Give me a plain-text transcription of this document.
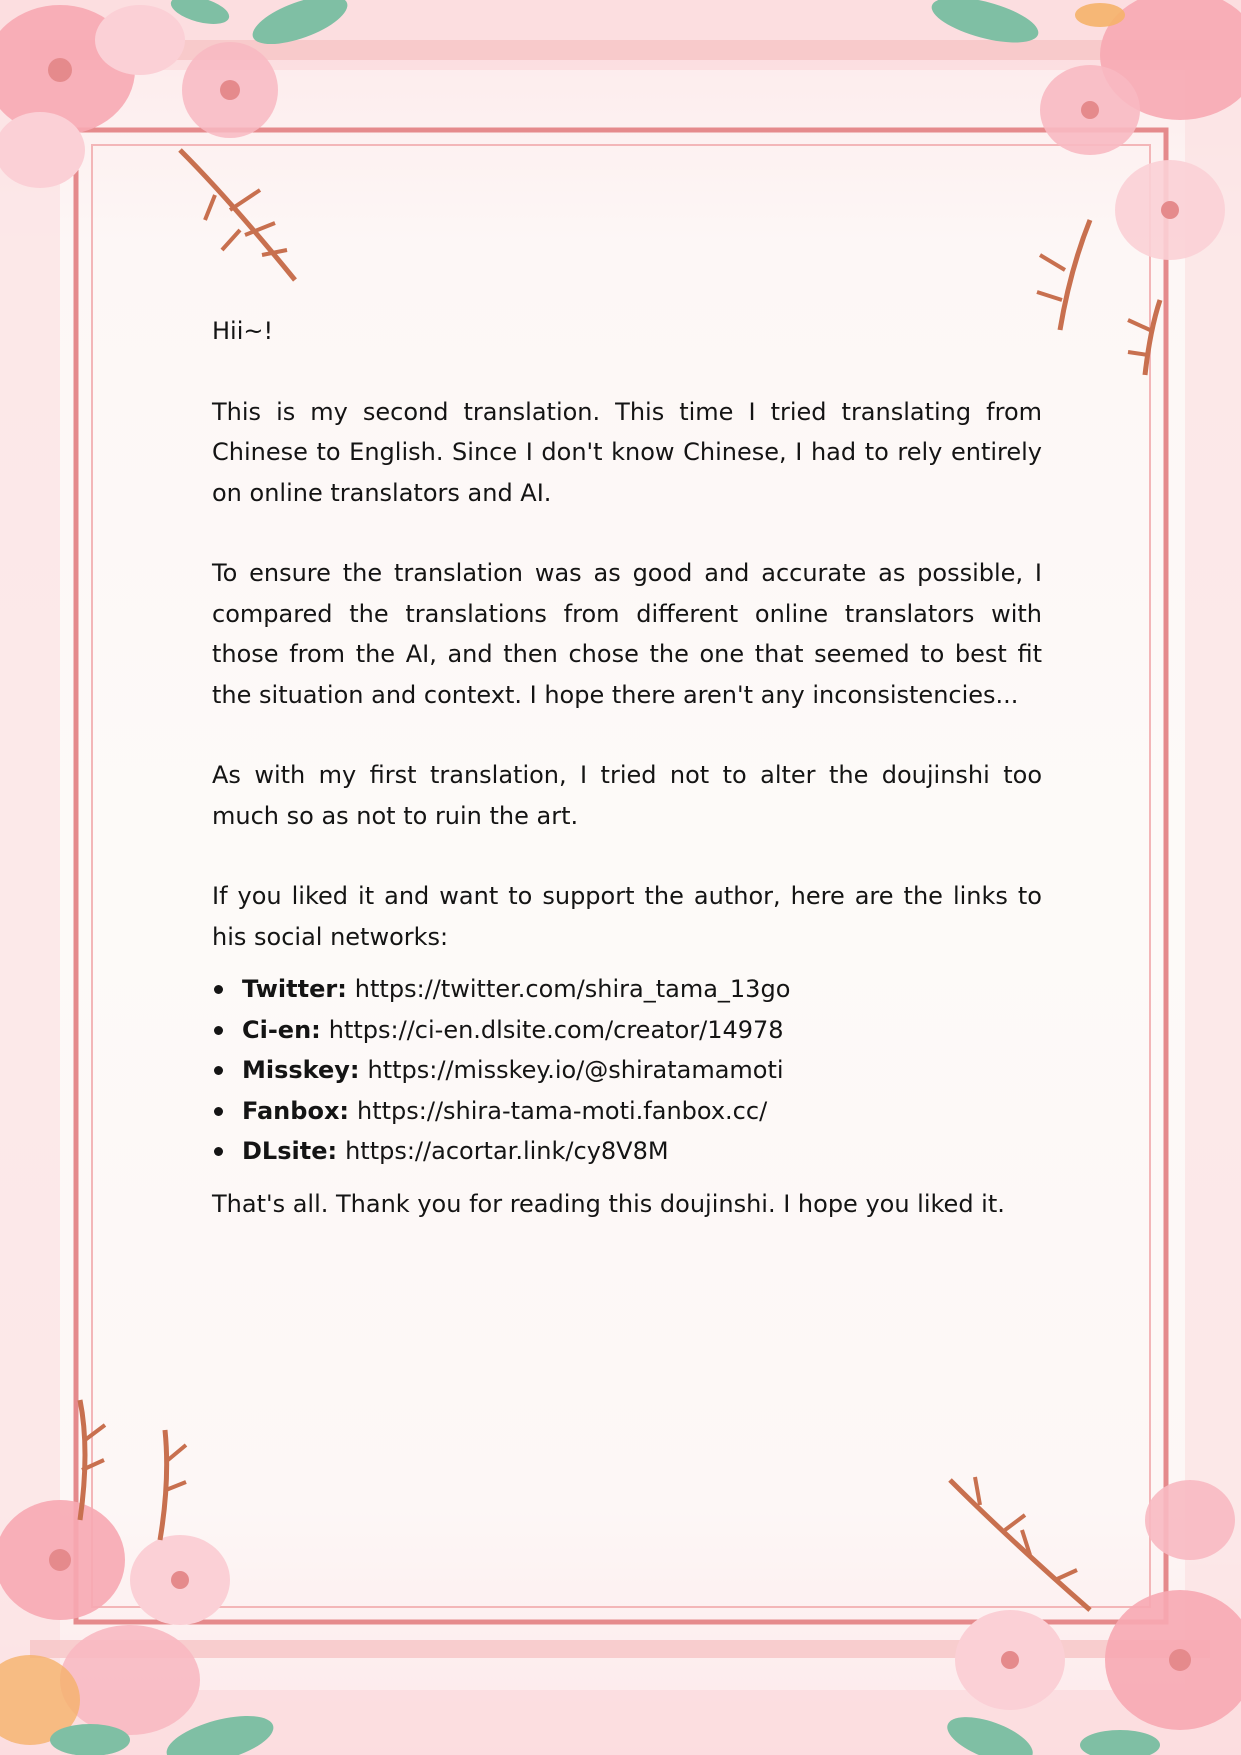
Hii~!

This is my second translation. This time I tried translating from Chinese to English. Since I don't know Chinese, I had to rely entirely on online translators and AI.

To ensure the translation was as good and accurate as possible, I compared the translations from different online translators with those from the AI, and then chose the one that seemed to best fit the situation and context. I hope there aren't any inconsistencies...

As with my first translation, I tried not to alter the doujinshi too much so as not to ruin the art.

If you liked it and want to support the author, here are the links to his social networks:

Twitter: https://twitter.com/shira_tama_13go
Ci-en: https://ci-en.dlsite.com/creator/14978
Misskey: https://misskey.io/@shiratamamoti
Fanbox: https://shira-tama-moti.fanbox.cc/
DLsite: https://acortar.link/cy8V8M

That's all. Thank you for reading this doujinshi. I hope you liked it.
